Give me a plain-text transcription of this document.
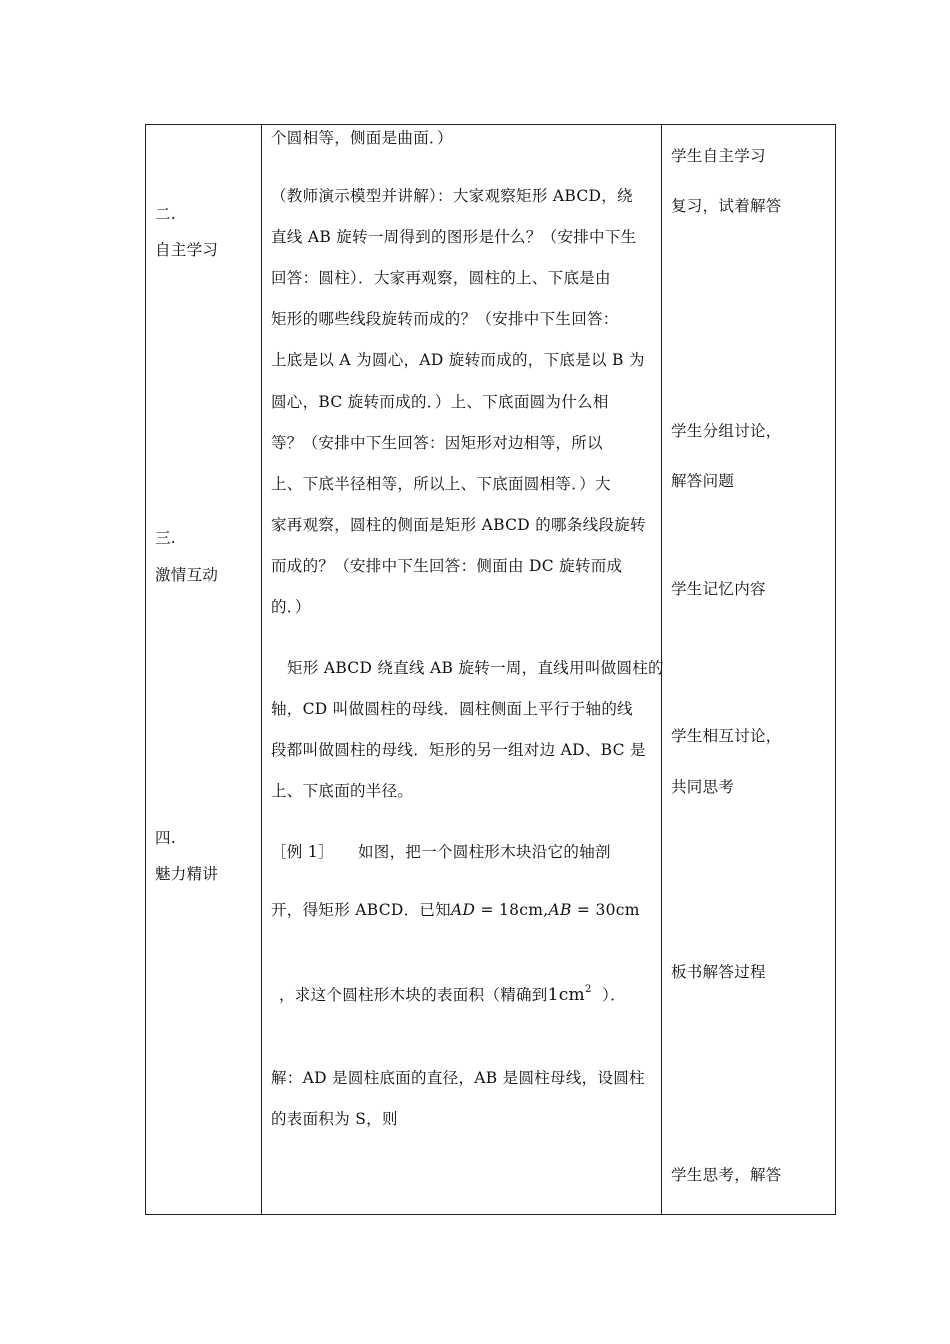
二.
自主学习
三.
激情互动
四.
魅力精讲
个圆相等，侧面是曲面．）
（教师演示模型并讲解）：大家观察矩形 ABCD，绕
直线 AB 旋转一周得到的图形是什么？（安排中下生
回答：圆柱）．大家再观察，圆柱的上、下底是由
矩形的哪些线段旋转而成的？（安排中下生回答：
上底是以 A 为圆心，AD 旋转而成的，下底是以 B 为
圆心，BC 旋转而成的．）上、下底面圆为什么相
等？（安排中下生回答：因矩形对边相等，所以
上、下底半径相等，所以上、下底面圆相等．）大
家再观察，圆柱的侧面是矩形 ABCD 的哪条线段旋转
而成的？（安排中下生回答：侧面由 DC 旋转而成
的．）
矩形 ABCD 绕直线 AB 旋转一周，直线用叫做圆柱的
轴，CD 叫做圆柱的母线．圆柱侧面上平行于轴的线
段都叫做圆柱的母线．矩形的另一组对边 AD、BC 是
上、下底面的半径。
［例 1］ 如图，把一个圆柱形木块沿它的轴剖
开，得矩形 ABCD．已知AD = 18cm,AB = 30cm
，求这个圆柱形木块的表面积（精确到$1cm^2$ ）．
解：AD 是圆柱底面的直径，AB 是圆柱母线，设圆柱
的表面积为 S，则
学生自主学习
复习，试着解答
学生分组讨论，
解答问题
学生记忆内容
学生相互讨论，
共同思考
板书解答过程
学生思考，解答
